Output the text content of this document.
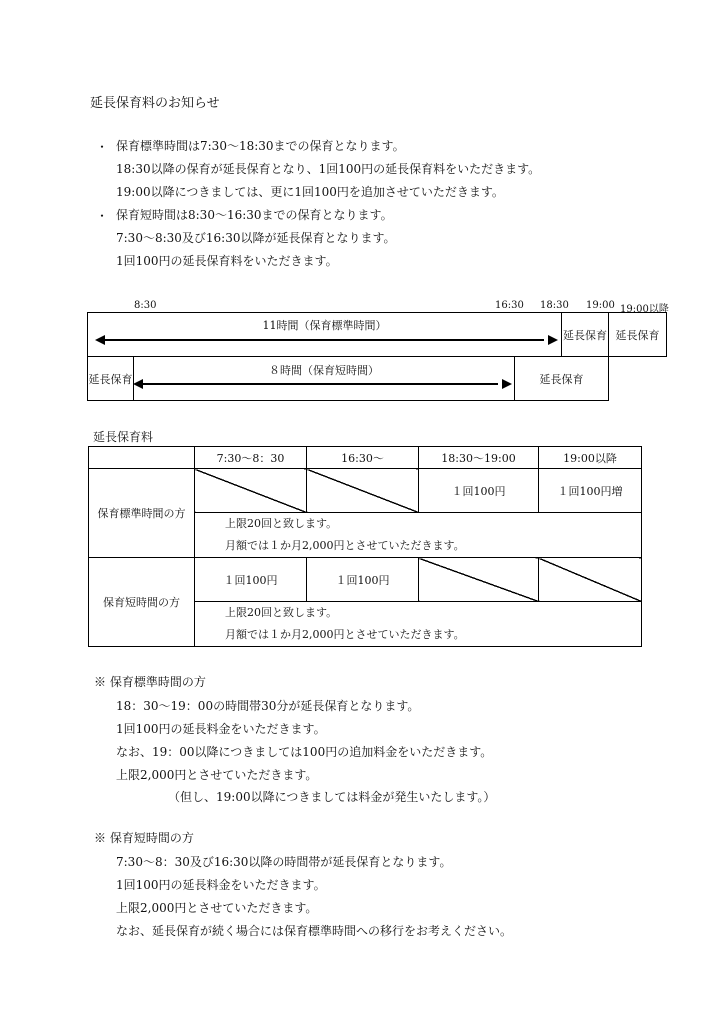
延長保育料のお知らせ
・ 保育標準時間は7:30～18:30までの保育となります。

18:30以降の保育が延長保育となり、1回100円の延長保育料をいただきます。

19:00以降につきましては、更に1回100円を追加させていただきます。

・ 保育短時間は8:30～16:30までの保育となります。

7:30～8:30及び16:30以降が延長保育となります。

1回100円の延長保育料をいただきます。

8:30	16:30 18:30 19:00 19:00以降
11時間（保育標準時間）
延長保育 延長保育
延長保育
８時間（保育短時間）
延長保育
延長保育料
	7:30～8：30	16:30～	18:30～19:00	19:00以降
保育標準時間の方			１回100円	１回100円増

	上限20回と致します。
月額では１か月2,000円とさせていただきます。			

保育短時間の方	１回100円	１回100円		

	上限20回と致します。
月額では１か月2,000円とさせていただきます。			

※ 保育標準時間の方

18：30～19：00の時間帯30分が延長保育となります。

1回100円の延長料金をいただきます。

なお、19：00以降につきましては100円の追加料金をいただきます。

上限2,000円とさせていただきます。

（但し、19:00以降につきましては料金が発生いたします。）

※ 保育短時間の方

7:30～8：30及び16:30以降の時間帯が延長保育となります。

1回100円の延長料金をいただきます。

上限2,000円とさせていただきます。

なお、延長保育が続く場合には保育標準時間への移行をお考えください。
